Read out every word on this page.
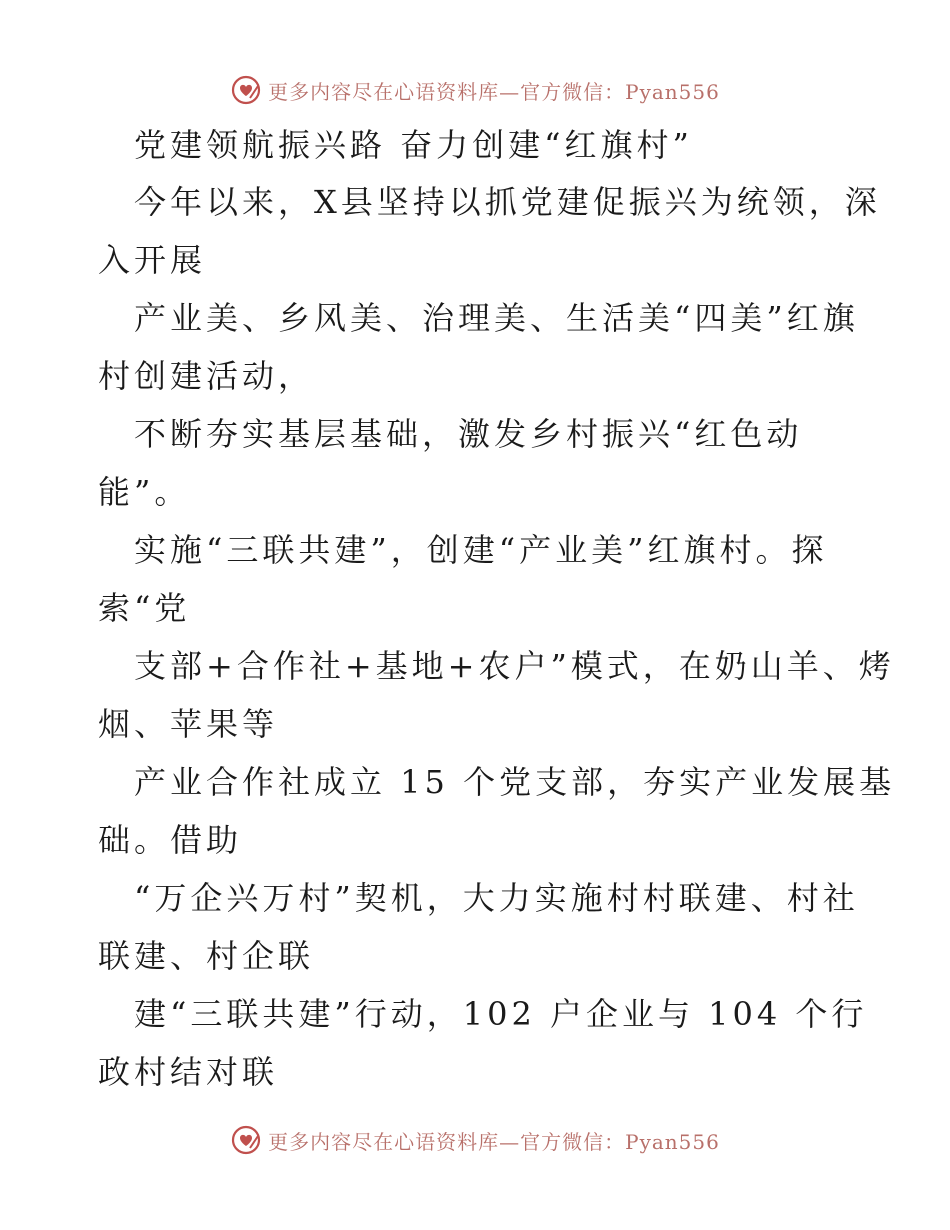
更多内容尽在心语资料库—官方微信：Pyan556
党建领航振兴路 奋力创建“红旗村”
今年以来，X县坚持以抓党建促振兴为统领，深
入开展
产业美、乡风美、治理美、生活美“四美”红旗
村创建活动，
不断夯实基层基础，激发乡村振兴“红色动
能”。
实施“三联共建”，创建“产业美”红旗村。探
索“党
支部+合作社+基地+农户”模式，在奶山羊、烤
烟、苹果等
产业合作社成立 15 个党支部，夯实产业发展基
础。借助
“万企兴万村”契机，大力实施村村联建、村社
联建、村企联
建“三联共建”行动，102 户企业与 104 个行
政村结对联
更多内容尽在心语资料库—官方微信：Pyan556
